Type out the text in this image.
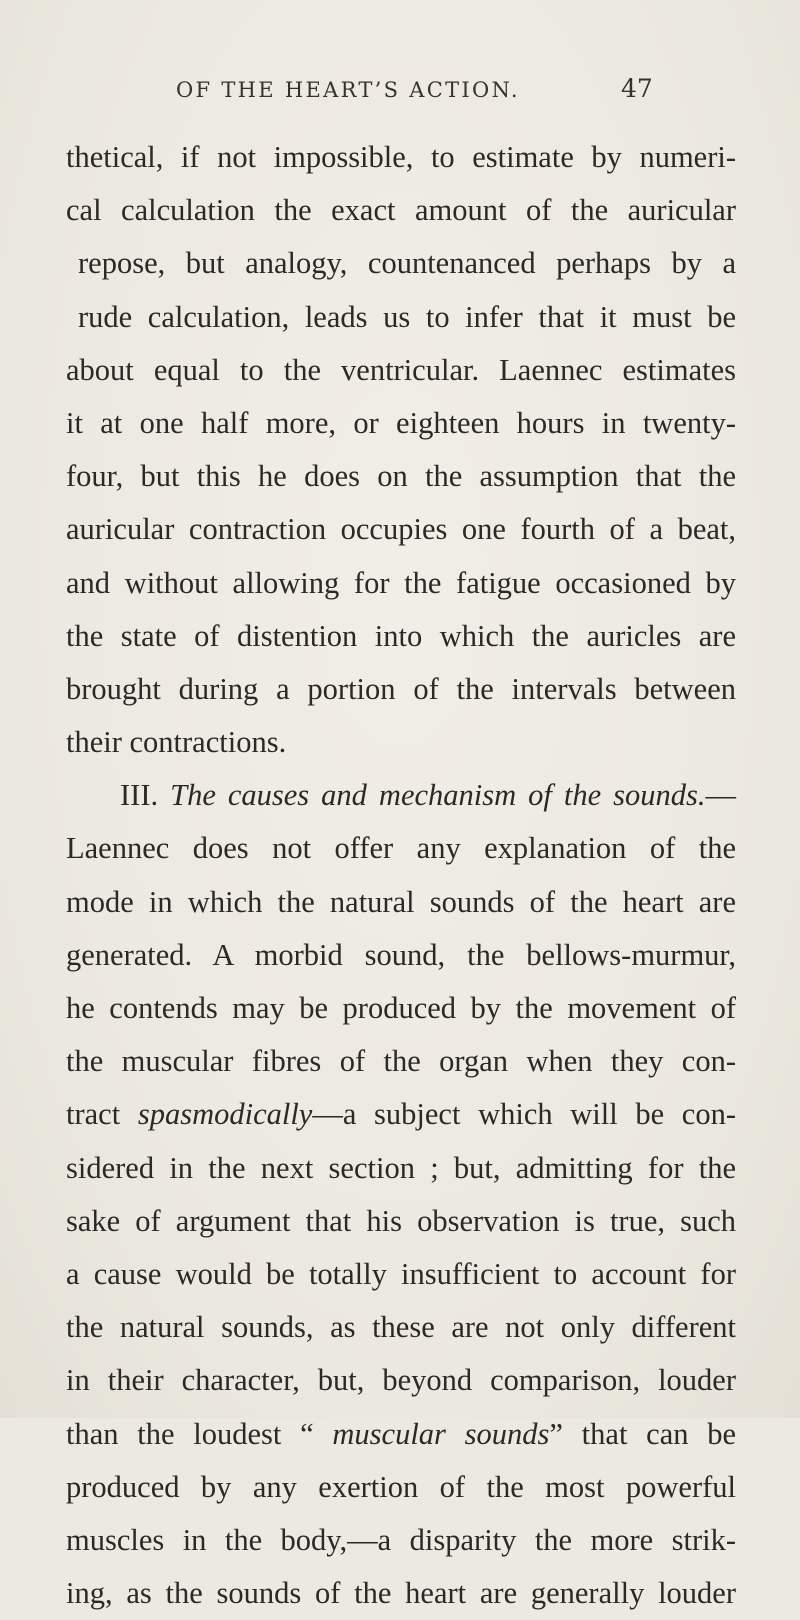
OF THE HEART’S ACTION.	47
thetical, if not impossible, to estimate by numeri-
cal calculation the exact amount of the auricular
repose, but analogy, countenanced perhaps by a
rude calculation, leads us to infer that it must be
about equal to the ventricular. Laennec estimates
it at one half more, or eighteen hours in twenty-
four, but this he does on the assumption that the
auricular contraction occupies one fourth of a beat,
and without allowing for the fatigue occasioned by
the state of distention into which the auricles are
brought during a portion of the intervals between
their contractions.
III. The causes and mechanism of the sounds.—
Laennec does not offer any explanation of the
mode in which the natural sounds of the heart are
generated. A morbid sound, the bellows-murmur,
he contends may be produced by the movement of
the muscular fibres of the organ when they con-
tract spasmodically—a subject which will be con-
sidered in the next section ; but, admitting for the
sake of argument that his observation is true, such
a cause would be totally insufficient to account for
the natural sounds, as these are not only different
in their character, but, beyond comparison, louder
than the loudest “ muscular sounds” that can be
produced by any exertion of the most powerful
muscles in the body,—a disparity the more strik-
ing, as the sounds of the heart are generally louder
